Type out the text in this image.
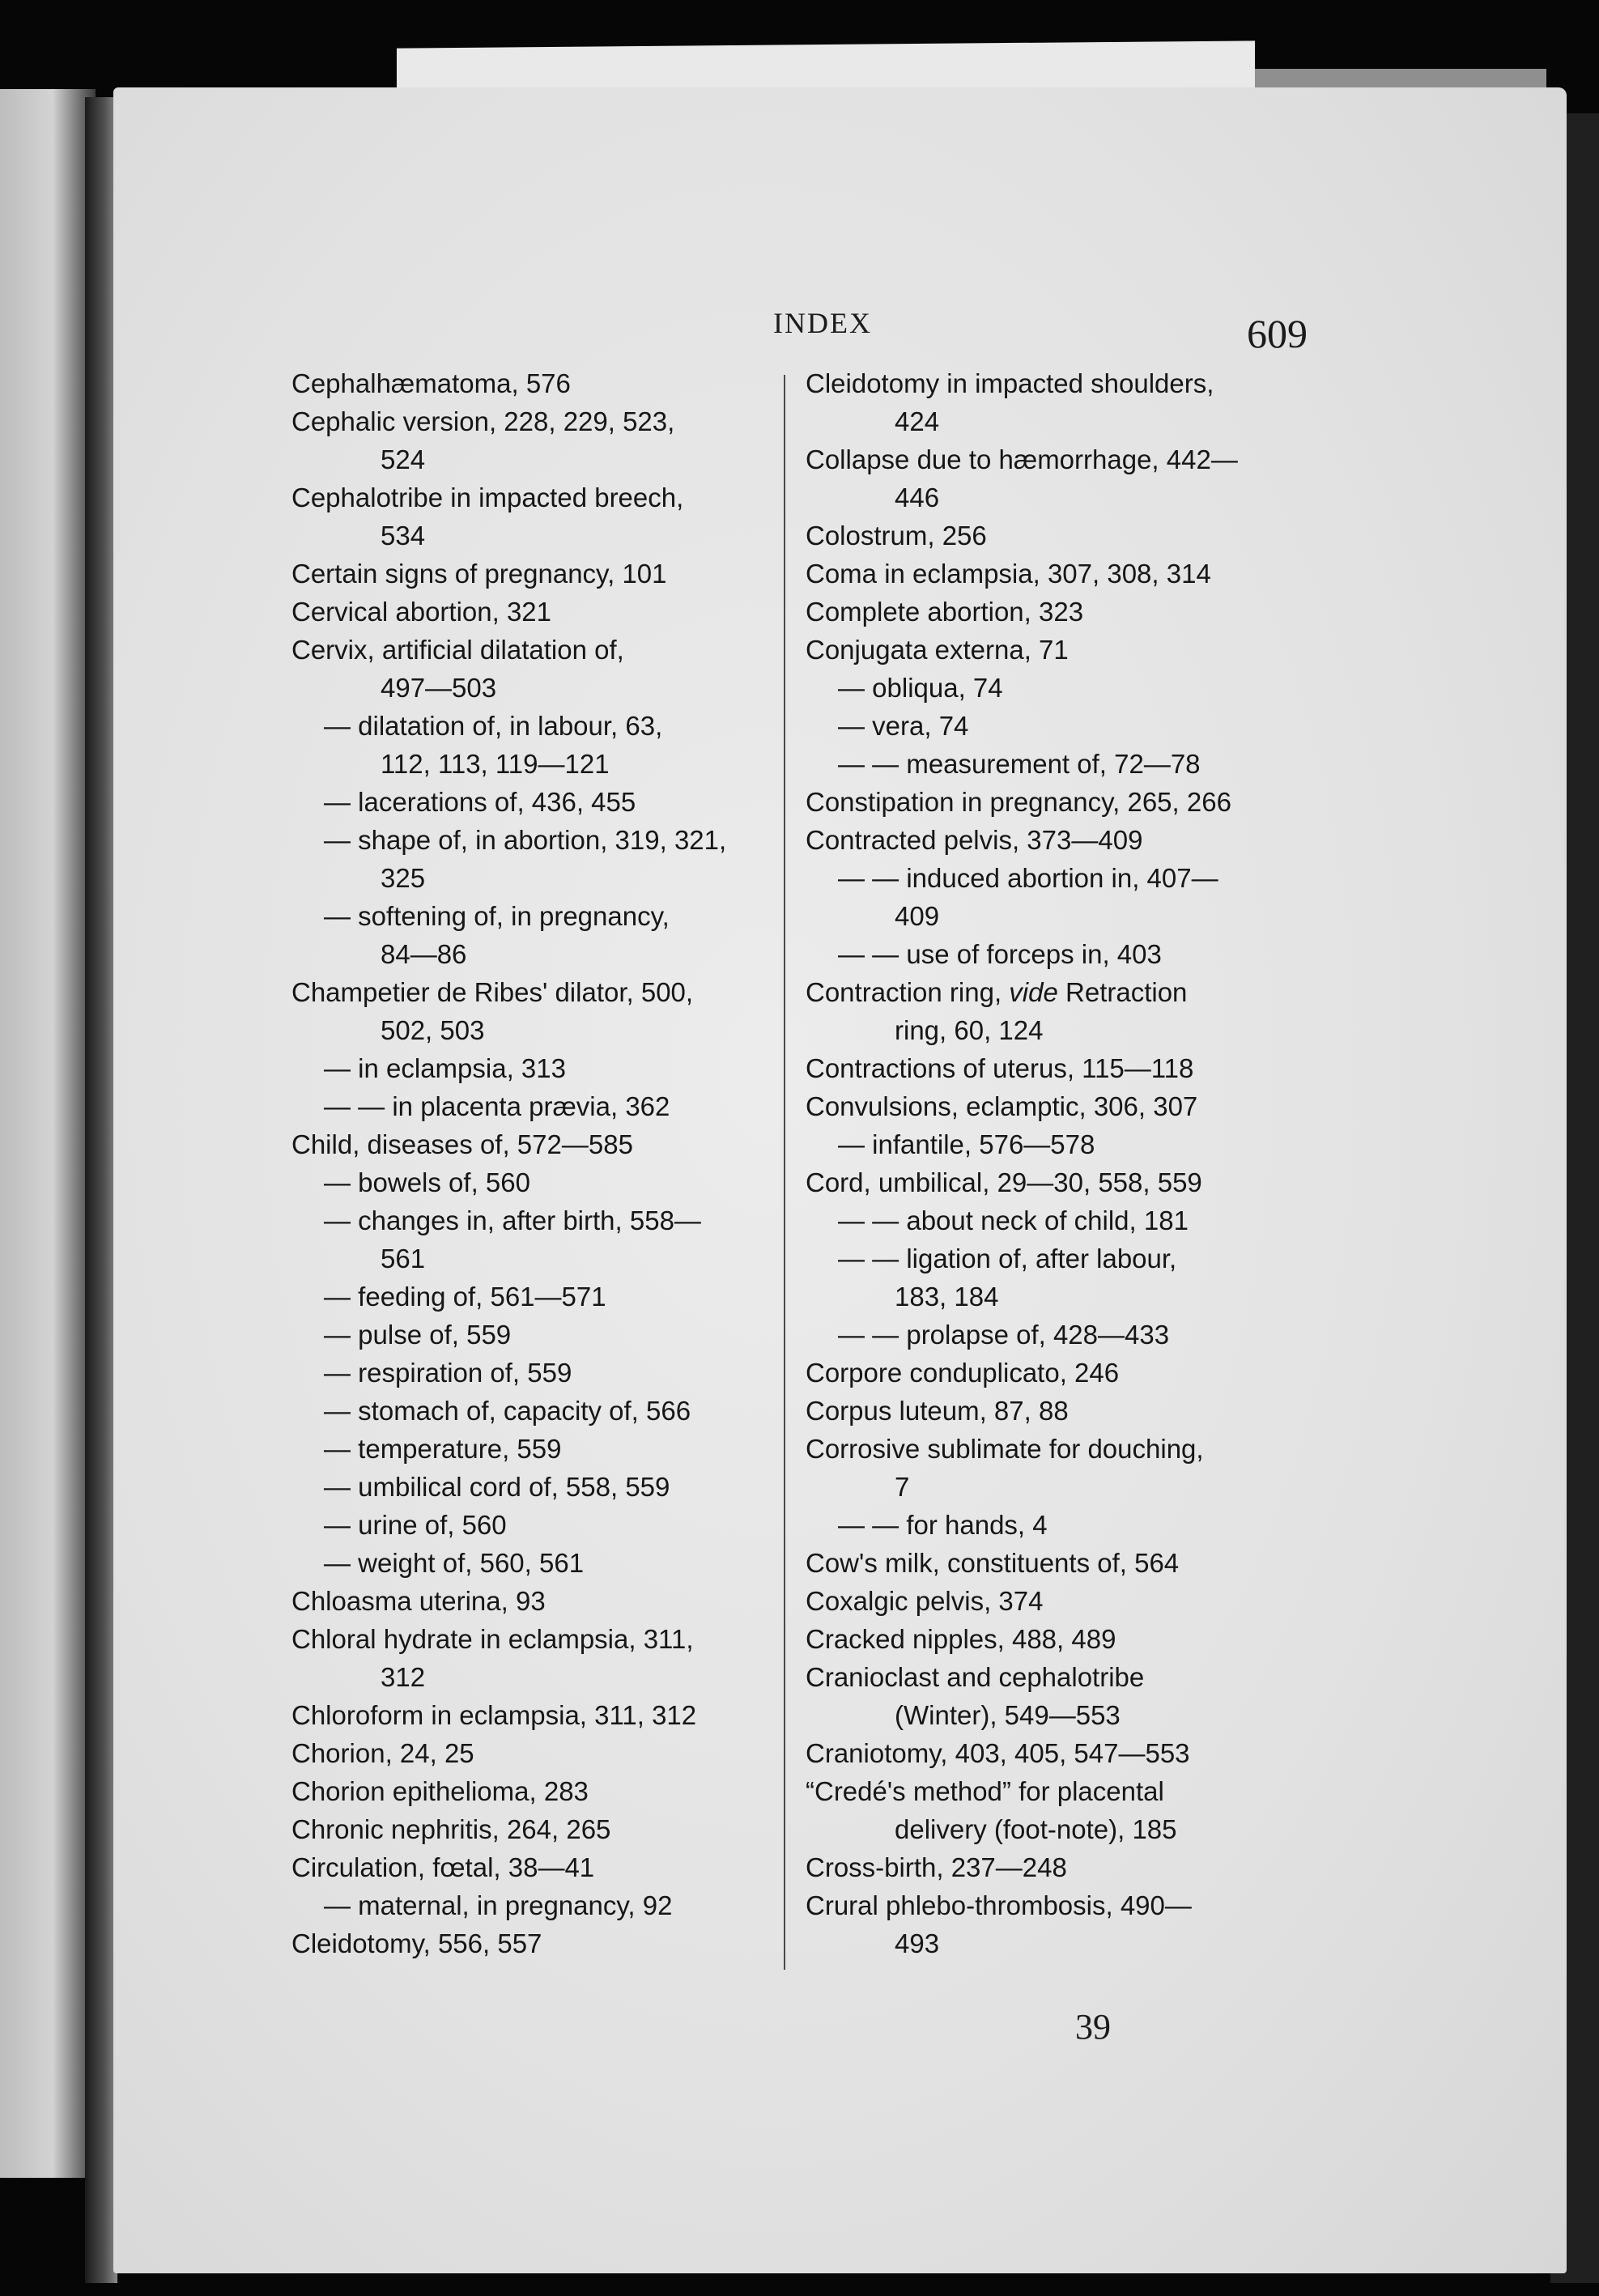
INDEX	609
Cephalhæmatoma, 576
Cephalic version, 228, 229, 523,
524
Cephalotribe in impacted breech,
534
Certain signs of pregnancy, 101
Cervical abortion, 321
Cervix, artificial dilatation of,
497—503
— dilatation of, in labour, 63,
112, 113, 119—121
— lacerations of, 436, 455
— shape of, in abortion, 319, 321,
325
— softening of, in pregnancy,
84—86
Champetier de Ribes' dilator, 500,
502, 503
— in eclampsia, 313
— — in placenta prævia, 362
Child, diseases of, 572—585
— bowels of, 560
— changes in, after birth, 558—
561
— feeding of, 561—571
— pulse of, 559
— respiration of, 559
— stomach of, capacity of, 566
— temperature, 559
— umbilical cord of, 558, 559
— urine of, 560
— weight of, 560, 561
Chloasma uterina, 93
Chloral hydrate in eclampsia, 311,
312
Chloroform in eclampsia, 311, 312
Chorion, 24, 25
Chorion epithelioma, 283
Chronic nephritis, 264, 265
Circulation, fœtal, 38—41
— maternal, in pregnancy, 92
Cleidotomy, 556, 557
Cleidotomy in impacted shoulders,
424
Collapse due to hæmorrhage, 442—
446
Colostrum, 256
Coma in eclampsia, 307, 308, 314
Complete abortion, 323
Conjugata externa, 71
— obliqua, 74
— vera, 74
— — measurement of, 72—78
Constipation in pregnancy, 265, 266
Contracted pelvis, 373—409
— — induced abortion in, 407—
409
— — use of forceps in, 403
Contraction ring, vide Retraction
ring, 60, 124
Contractions of uterus, 115—118
Convulsions, eclamptic, 306, 307
— infantile, 576—578
Cord, umbilical, 29—30, 558, 559
— — about neck of child, 181
— — ligation of, after labour,
183, 184
— — prolapse of, 428—433
Corpore conduplicato, 246
Corpus luteum, 87, 88
Corrosive sublimate for douching,
7
— — for hands, 4
Cow's milk, constituents of, 564
Coxalgic pelvis, 374
Cracked nipples, 488, 489
Cranioclast and cephalotribe
(Winter), 549—553
Craniotomy, 403, 405, 547—553
“Credé's method” for placental
delivery (foot-note), 185
Cross-birth, 237—248
Crural phlebo-thrombosis, 490—
493
39
